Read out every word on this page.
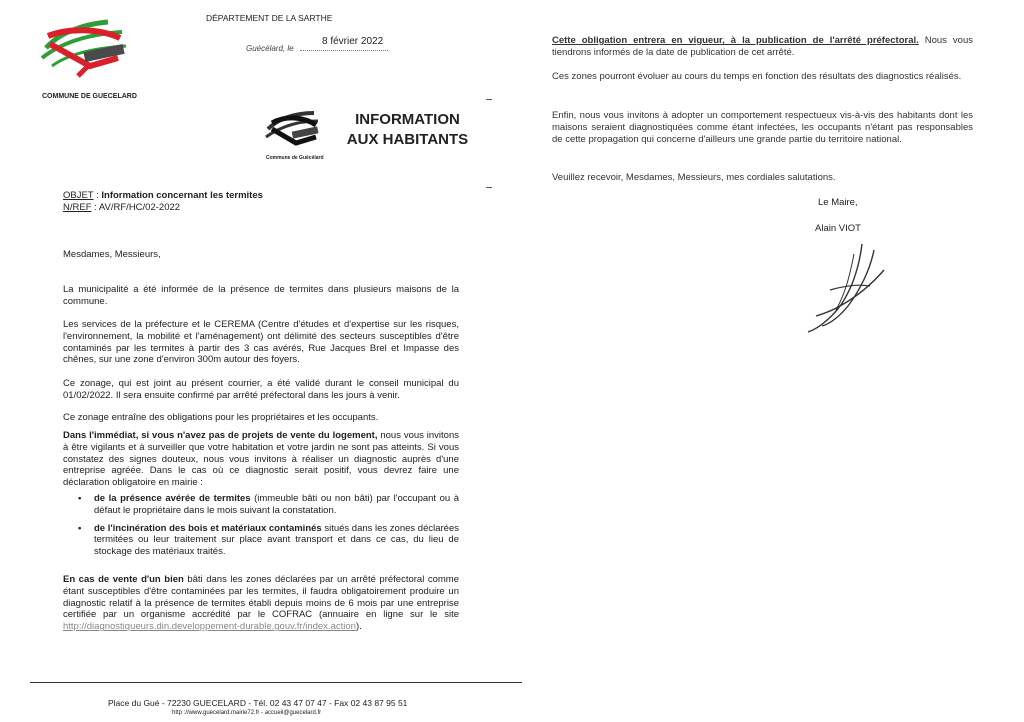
COMMUNE DE GUECELARD
DÉPARTEMENT DE LA SARTHE
Guécélard, le
8 février 2022
Commune de Guécélard
INFORMATION
AUX HABITANTS
OBJET : Information concernant les termites
N/REF : AV/RF/HC/02-2022
Mesdames, Messieurs,
La municipalité a été informée de la présence de termites dans plusieurs maisons de la commune.
Les services de la préfecture et le CEREMA (Centre d'études et d'expertise sur les risques, l'environnement, la mobilité et l'aménagement) ont délimité des secteurs susceptibles d'être contaminés par les termites à partir des 3 cas avérés, Rue Jacques Brel et Impasse des chênes, sur une zone d'environ 300m autour des foyers.
Ce zonage, qui est joint au présent courrier, a été validé durant le conseil municipal du 01/02/2022. Il sera ensuite confirmé par arrêté préfectoral dans les jours à venir.
Ce zonage entraîne des obligations pour les propriétaires et les occupants.
Dans l'immédiat, si vous n'avez pas de projets de vente du logement, nous vous invitons à être vigilants et à surveiller que votre habitation et votre jardin ne sont pas atteints. Si vous constatez des signes douteux, nous vous invitons à réaliser un diagnostic auprès d'une entreprise agréée. Dans le cas où ce diagnostic serait positif, vous devrez faire une déclaration obligatoire en mairie :
• de la présence avérée de termites (immeuble bâti ou non bâti) par l'occupant ou à défaut le propriétaire dans le mois suivant la constatation.
• de l'incinération des bois et matériaux contaminés situés dans les zones déclarées termitées ou leur traitement sur place avant transport et dans ce cas, du lieu de stockage des matériaux traités.
En cas de vente d'un bien bâti dans les zones déclarées par un arrêté préfectoral comme étant susceptibles d'être contaminées par les termites, il faudra obligatoirement produire un diagnostic relatif à la présence de termites établi depuis moins de 6 mois par une entreprise certifiée par un organisme accrédité par le COFRAC (annuaire en ligne sur le site http://diagnostiqueurs.din.developpement-durable.gouv.fr/index.action).
Place du Gué - 72230 GUECELARD - Tél. 02 43 47 07 47 - Fax 02 43 87 95 51
http ://www.guecelard.mairie72.fr - accueil@guecelard.fr
Cette obligation entrera en vigueur, à la publication de l'arrêté préfectoral. Nous vous tiendrons informés de la date de publication de cet arrêté.
Ces zones pourront évoluer au cours du temps en fonction des résultats des diagnostics réalisés.
Enfin, nous vous invitons à adopter un comportement respectueux vis-à-vis des habitants dont les maisons seraient diagnostiquées comme étant infectées, les occupants n'étant pas responsables de cette propagation qui concerne d'ailleurs une grande partie du territoire national.
Veuillez recevoir, Mesdames, Messieurs, mes cordiales salutations.
Le Maire,
Alain VIOT
